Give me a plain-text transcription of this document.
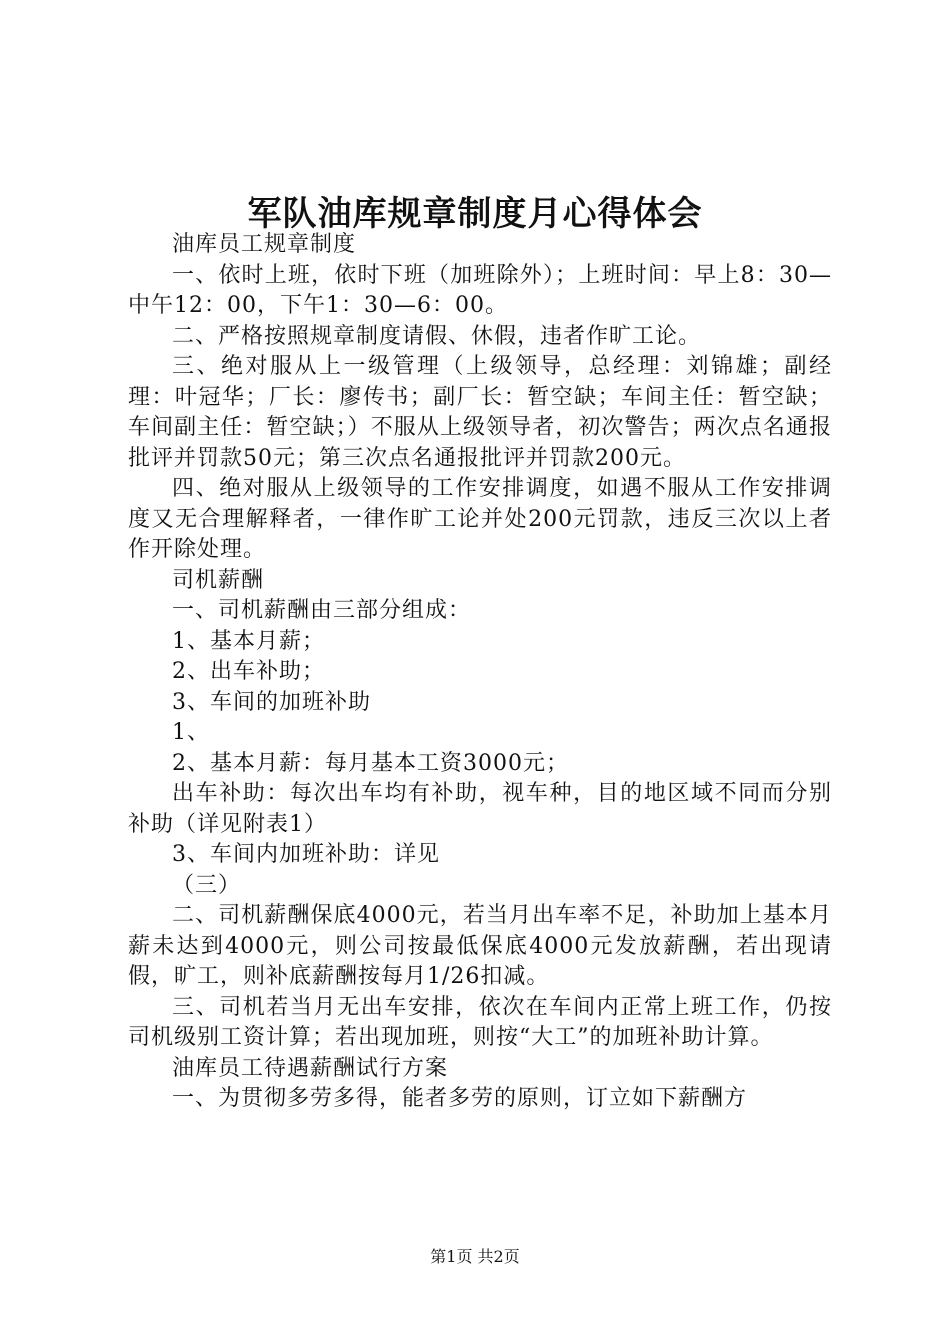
军队油库规章制度月心得体会

油库员工规章制度

一、依时上班，依时下班（加班除外）；上班时间：早上8：30—中午12：00，下午1：30—6：00。

二、严格按照规章制度请假、休假，违者作旷工论。

三、绝对服从上一级管理（上级领导，总经理：刘锦雄；副经理：叶冠华；厂长：廖传书；副厂长：暂空缺；车间主任：暂空缺；车间副主任：暂空缺；）不服从上级领导者，初次警告；两次点名通报批评并罚款50元；第三次点名通报批评并罚款200元。

四、绝对服从上级领导的工作安排调度，如遇不服从工作安排调度又无合理解释者，一律作旷工论并处200元罚款，违反三次以上者作开除处理。

司机薪酬

一、司机薪酬由三部分组成：

1、基本月薪；

2、出车补助；

3、车间的加班补助

1、

2、基本月薪：每月基本工资3000元；

出车补助：每次出车均有补助，视车种，目的地区域不同而分别补助（详见附表1）

3、车间内加班补助：详见

（三）

二、司机薪酬保底4000元，若当月出车率不足，补助加上基本月薪未达到4000元，则公司按最低保底4000元发放薪酬，若出现请假，旷工，则补底薪酬按每月1/26扣减。

三、司机若当月无出车安排，依次在车间内正常上班工作，仍按司机级别工资计算；若出现加班，则按“大工”的加班补助计算。

油库员工待遇薪酬试行方案

一、为贯彻多劳多得，能者多劳的原则，订立如下薪酬方

第1页 共2页
